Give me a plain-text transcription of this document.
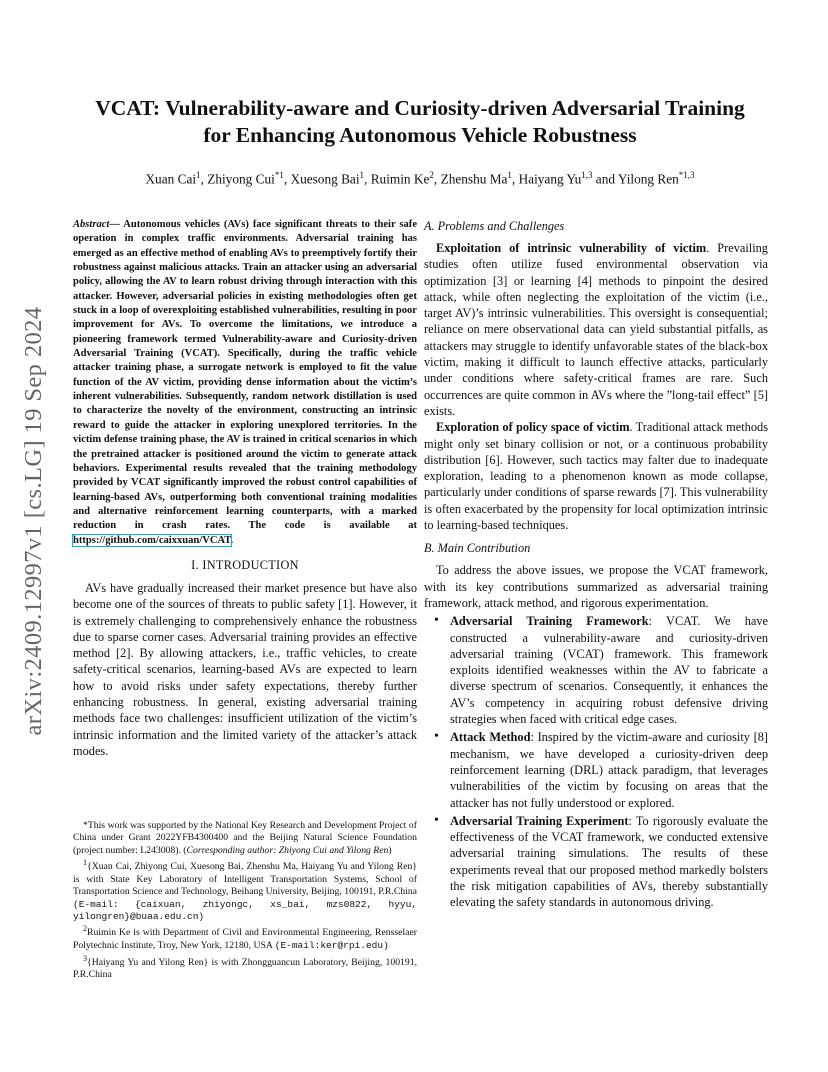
arXiv:2409.12997v1 [cs.LG] 19 Sep 2024
VCAT: Vulnerability-aware and Curiosity-driven Adversarial Training
for Enhancing Autonomous Vehicle Robustness
Xuan Cai$^1$, Zhiyong Cui$^{*1}$, Xuesong Bai$^1$, Ruimin Ke$^2$, Zhenshu Ma$^1$, Haiyang Yu$^{1,3}$ and Yilong Ren$^{*1,3}$

Abstract— Autonomous vehicles (AVs) face significant threats to their safe operation in complex traffic environments. Adversarial training has emerged as an effective method of enabling AVs to preemptively fortify their robustness against malicious attacks. Train an attacker using an adversarial policy, allowing the AV to learn robust driving through interaction with this attacker. However, adversarial policies in existing methodologies often get stuck in a loop of overexploiting established vulnerabilities, resulting in poor improvement for AVs. To overcome the limitations, we introduce a pioneering framework termed Vulnerability-aware and Curiosity-driven Adversarial Training (VCAT). Specifically, during the traffic vehicle attacker training phase, a surrogate network is employed to fit the value function of the AV victim, providing dense information about the victim’s inherent vulnerabilities. Subsequently, random network distillation is used to characterize the novelty of the environment, constructing an intrinsic reward to guide the attacker in exploring unexplored territories. In the victim defense training phase, the AV is trained in critical scenarios in which the pretrained attacker is positioned around the victim to generate attack behaviors. Experimental results revealed that the training methodology provided by VCAT significantly improved the robust control capabilities of learning-based AVs, outperforming both conventional training modalities and alternative reinforcement learning counterparts, with a marked reduction in crash rates. The code is available at https://github.com/caixxuan/VCAT.

I. INTRODUCTION

AVs have gradually increased their market presence but have also become one of the sources of threats to public safety [1]. However, it is extremely challenging to comprehensively enhance the robustness due to sparse corner cases. Adversarial training provides an effective method [2]. By allowing attackers, i.e., traffic vehicles, to create safety-critical scenarios, learning-based AVs are expected to learn how to avoid risks under safety expectations, thereby further enhancing robustness. In general, existing adversarial training methods face two challenges: insufficient utilization of the victim’s intrinsic information and the limited variety of the attacker’s attack modes.

*This work was supported by the National Key Research and Development Project of China under Grant 2022YFB4300400 and the Beijing Natural Science Foundation (project number: L243008). (Corresponding author: Zhiyong Cui and Yilong Ren)

$^1${Xuan Cai, Zhiyong Cui, Xuesong Bai, Zhenshu Ma, Haiyang Yu and Yilong Ren} is with State Key Laboratory of Intelligent Transportation Systems, School of Transportation Science and Technology, Beihang University, Beijing, 100191, P.R.China (E-mail: {caixuan, zhiyongc, xs_bai, mzs0822, hyyu, yilongren}@buaa.edu.cn)

$^2$Ruimin Ke is with Department of Civil and Environmental Engineering, Rensselaer Polytechnic Institute, Troy, New York, 12180, USA (E-mail:ker@rpi.edu)

$^3${Haiyang Yu and Yilong Ren} is with Zhongguancun Laboratory, Beijing, 100191, P.R.China

A. Problems and Challenges

Exploitation of intrinsic vulnerability of victim. Prevailing studies often utilize fused environmental observation via optimization [3] or learning [4] methods to pinpoint the desired attack, while often neglecting the exploitation of the victim (i.e., target AV)’s intrinsic vulnerabilities. This oversight is consequential; reliance on mere observational data can yield substantial pitfalls, as attackers may struggle to identify unfavorable states of the black-box victim, making it difficult to launch effective attacks, particularly under conditions where safety-critical frames are rare. Such occurrences are quite common in AVs where the ”long-tail effect” [5] exists.

Exploration of policy space of victim. Traditional attack methods might only set binary collision or not, or a continuous probability distribution [6]. However, such tactics may falter due to inadequate exploration, leading to a phenomenon known as mode collapse, particularly under conditions of sparse rewards [7]. This vulnerability is often exacerbated by the propensity for local optimization intrinsic to learning-based techniques.

B. Main Contribution

To address the above issues, we propose the VCAT framework, with its key contributions summarized as adversarial training framework, attack method, and rigorous experimentation.

• Adversarial Training Framework: VCAT. We have constructed a vulnerability-aware and curiosity-driven adversarial training (VCAT) framework. This framework exploits identified weaknesses within the AV to fabricate a diverse spectrum of scenarios. Consequently, it enhances the AV’s competency in acquiring robust defensive driving strategies when faced with critical edge cases.
• Attack Method: Inspired by the victim-aware and curiosity [8] mechanism, we have developed a curiosity-driven deep reinforcement learning (DRL) attack paradigm, that leverages vulnerabilities of the victim by focusing on areas that the attacker has not fully understood or explored.
• Adversarial Training Experiment: To rigorously evaluate the effectiveness of the VCAT framework, we conducted extensive adversarial training simulations. The results of these experiments reveal that our proposed method markedly bolsters the risk mitigation capabilities of AVs, thereby substantially elevating the safety standards in autonomous driving.
